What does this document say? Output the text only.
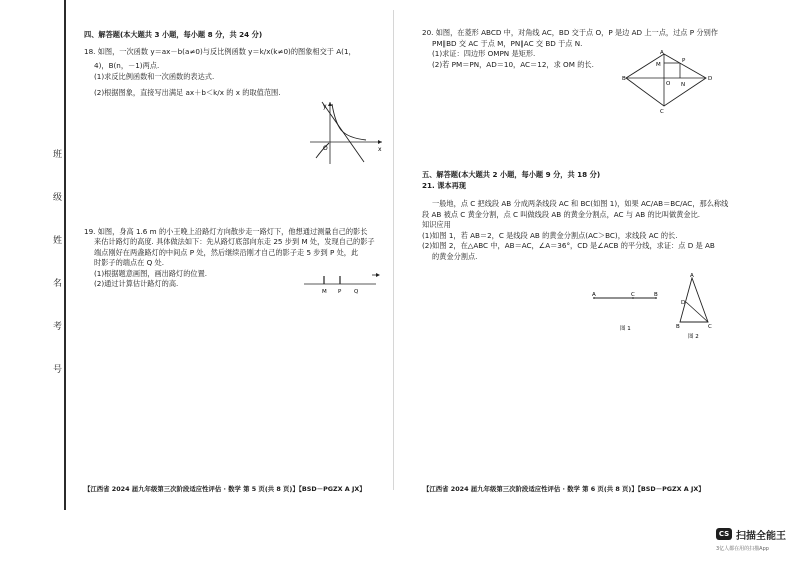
班
级
姓
名
考
号

四、解答题(本大题共 3 小题，每小题 8 分，共 24 分)

18. 如图，一次函数 y＝ax－b(a≠0)与反比例函数 y＝k/x(k≠0)的图象相交于 A(1，

4)，B(n，－1)两点.

(1)求反比例函数和一次函数的表达式.

(2)根据图象，直接写出满足 ax＋b＜k/x 的 x 的取值范围.

19. 如图，身高 1.6 m 的小王晚上沿路灯方向散步走一路灯下，他想通过测量自己的影长

来估计路灯的高度. 具体做法如下：先从路灯底部向东走 25 步到 M 处，发现自己的影子

端点刚好在两盏路灯的中间点 P 处，然后继续沿刚才自己的影子走 5 步到 P 处，此

时影子的端点在 Q 处.

(1)根据题意画图，画出路灯的位置.

(2)通过计算估计路灯的高.

y
x
O
M P Q

20. 如图，在菱形 ABCD 中，对角线 AC，BD 交于点 O，P 是边 AD 上一点，过点 P 分别作

PM∥BD 交 AC 于点 M，PN∥AC 交 BD 于点 N.

(1)求证：四边形 OMPN 是矩形.

(2)若 PM＝PN，AD＝10，AC＝12，求 OM 的长.

五、解答题(本大题共 2 小题，每小题 9 分，共 18 分)

21. 课本再现

一般地，点 C 把线段 AB 分成两条线段 AC 和 BC(如图 1)，如果 AC/AB＝BC/AC，那么称线

段 AB 被点 C 黄金分割，点 C 叫做线段 AB 的黄金分割点，AC 与 AB 的比叫做黄金比.

知识应用

(1)如图 1，若 AB＝2，C 是线段 AB 的黄金分割点(AC＞BC)，求线段 AC 的长.

(2)如图 2，在△ABC 中，AB＝AC，∠A＝36°，CD 是∠ACB 的平分线，求证：点 D 是 AB

的黄金分割点.

A
B
C
D
P
M
N
O
A	C	B
图 1
A
D
B	C
图 2
【江西省 2024 届九年级第三次阶段适应性评估 · 数学 第 5 页(共 8 页)】【BSD－PGZX A JX】	【江西省 2024 届九年级第三次阶段适应性评估 · 数学 第 6 页(共 8 页)】【BSD－PGZX A JX】
CS 扫描全能王
3亿人都在用的扫描App
